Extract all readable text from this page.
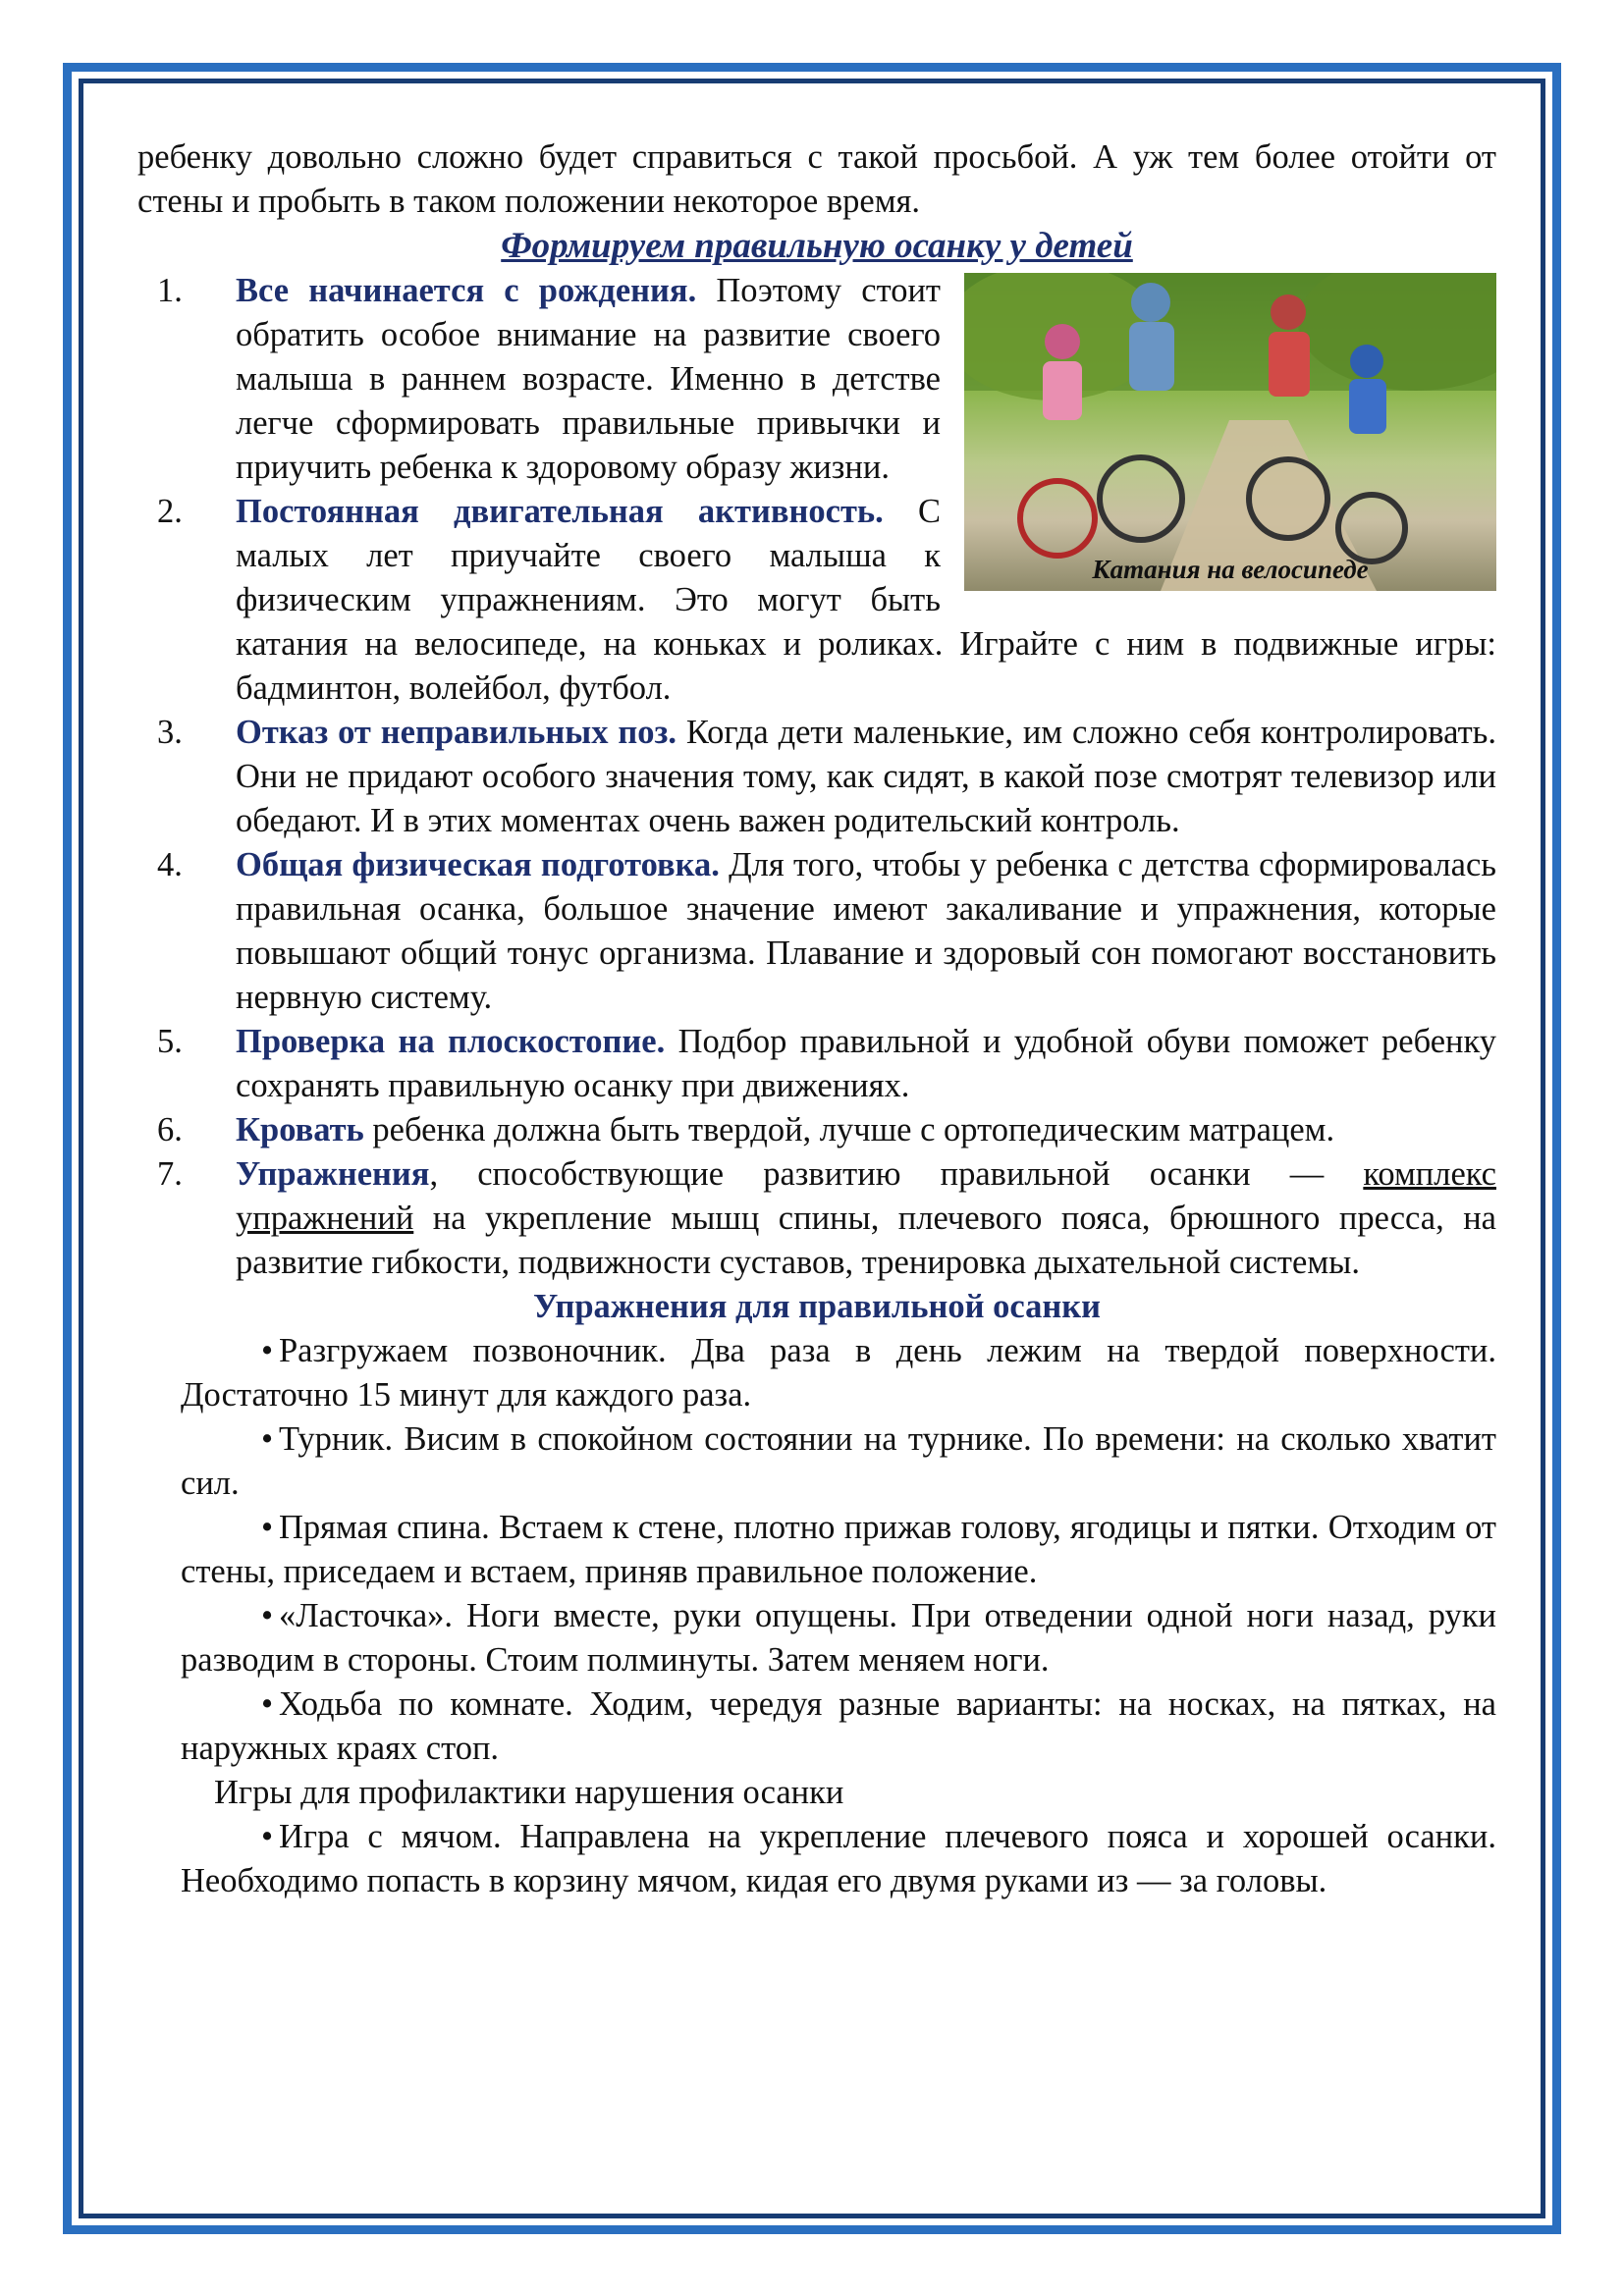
ребенку довольно сложно будет справиться с такой просьбой. А уж тем более отойти от стены и пробыть в таком положении некоторое время.

Формируем правильную осанку у детей
Катания на велосипеде
1. Все начинается с рождения. Поэтому стоит обратить особое внимание на развитие своего малыша в раннем возрасте. Именно в детстве легче сформировать правильные привычки и приучить ребенка к здоровому образу жизни.
2. Постоянная двигательная активность. С малых лет приучайте своего малыша к физическим упражнениям. Это могут быть катания на велосипеде, на коньках и роликах. Играйте с ним в подвижные игры: бадминтон, волейбол, футбол.
3. Отказ от неправильных поз. Когда дети маленькие, им сложно себя контролировать. Они не придают особого значения тому, как сидят, в какой позе смотрят телевизор или обедают. И в этих моментах очень важен родительский контроль.
4. Общая физическая подготовка. Для того, чтобы у ребенка с детства сформировалась правильная осанка, большое значение имеют закаливание и упражнения, которые повышают общий тонус организма. Плавание и здоровый сон помогают восстановить нервную систему.
5. Проверка на плоскостопие. Подбор правильной и удобной обуви поможет ребенку сохранять правильную осанку при движениях.
6. Кровать ребенка должна быть твердой, лучше с ортопедическим матрацем.
7. Упражнения, способствующие развитию правильной осанки — комплекс упражнений на укрепление мышц спины, плечевого пояса, брюшного пресса, на развитие гибкости, подвижности суставов, тренировка дыхательной системы.
Упражнения для правильной осанки

• Разгружаем позвоночник. Два раза в день лежим на твердой поверхности. Достаточно 15 минут для каждого раза.

• Турник. Висим в спокойном состоянии на турнике. По времени: на сколько хватит сил.

• Прямая спина. Встаем к стене, плотно прижав голову, ягодицы и пятки. Отходим от стены, приседаем и встаем, приняв правильное положение.

• «Ласточка». Ноги вместе, руки опущены. При отведении одной ноги назад, руки разводим в стороны. Стоим полминуты. Затем меняем ноги.

• Ходьба по комнате. Ходим, чередуя разные варианты: на носках, на пятках, на наружных краях стоп.

Игры для профилактики нарушения осанки

• Игра с мячом. Направлена на укрепление плечевого пояса и хорошей осанки. Необходимо попасть в корзину мячом, кидая его двумя руками из — за головы.
